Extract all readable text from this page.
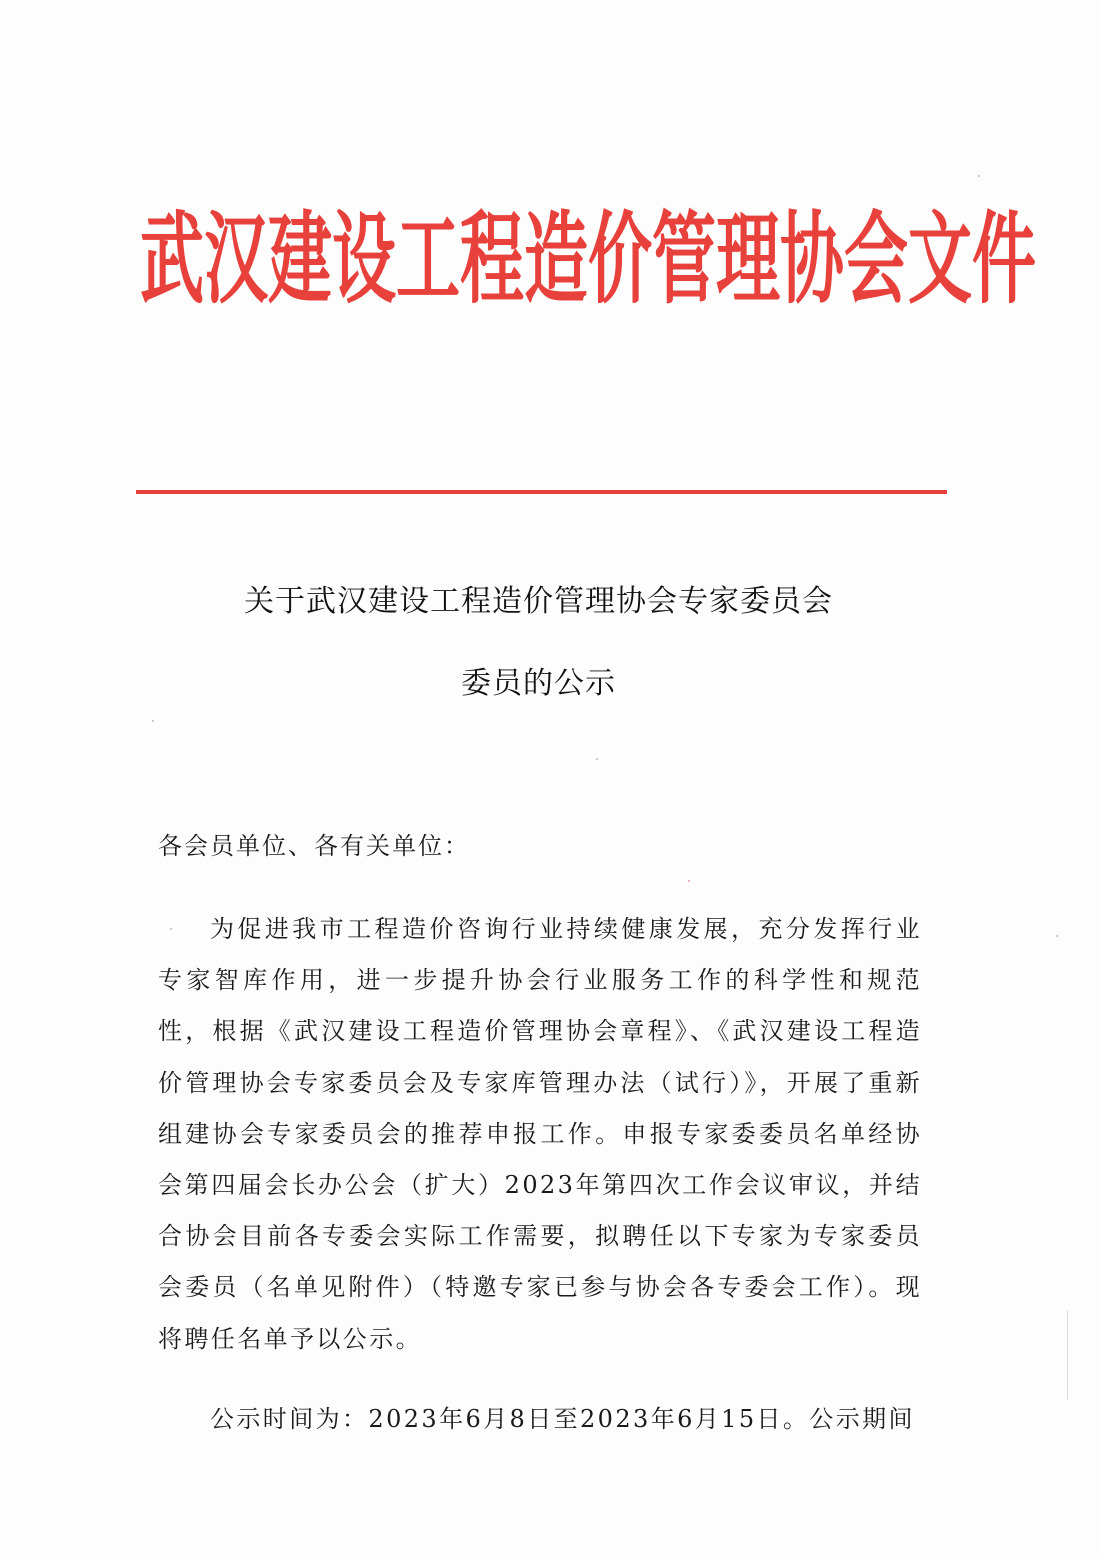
武 汉 建 设 工 程 造 价 管 理 协 会 文 件
关于武汉建设工程造价管理协会专家委员会
委员的公示
各会员单位、各有关单位：

为促进我市工程造价咨询行业持续健康发展，充分发挥行业专家智库作用，进一步提升协会行业服务工作的科学性和规范性，根据《武汉建设工程造价管理协会章程》、《武汉建设工程造价管理协会专家委员会及专家库管理办法（试行）》，开展了重新组建协会专家委员会的推荐申报工作。申报专家委委员名单经协会第四届会长办公会（扩大）2023年第四次工作会议审议，并结合协会目前各专委会实际工作需要，拟聘任以下专家为专家委员会委员（名单见附件）（特邀专家已参与协会各专委会工作）。现将聘任名单予以公示。

公示时间为：2023年6月8日至2023年6月15日。公示期间
